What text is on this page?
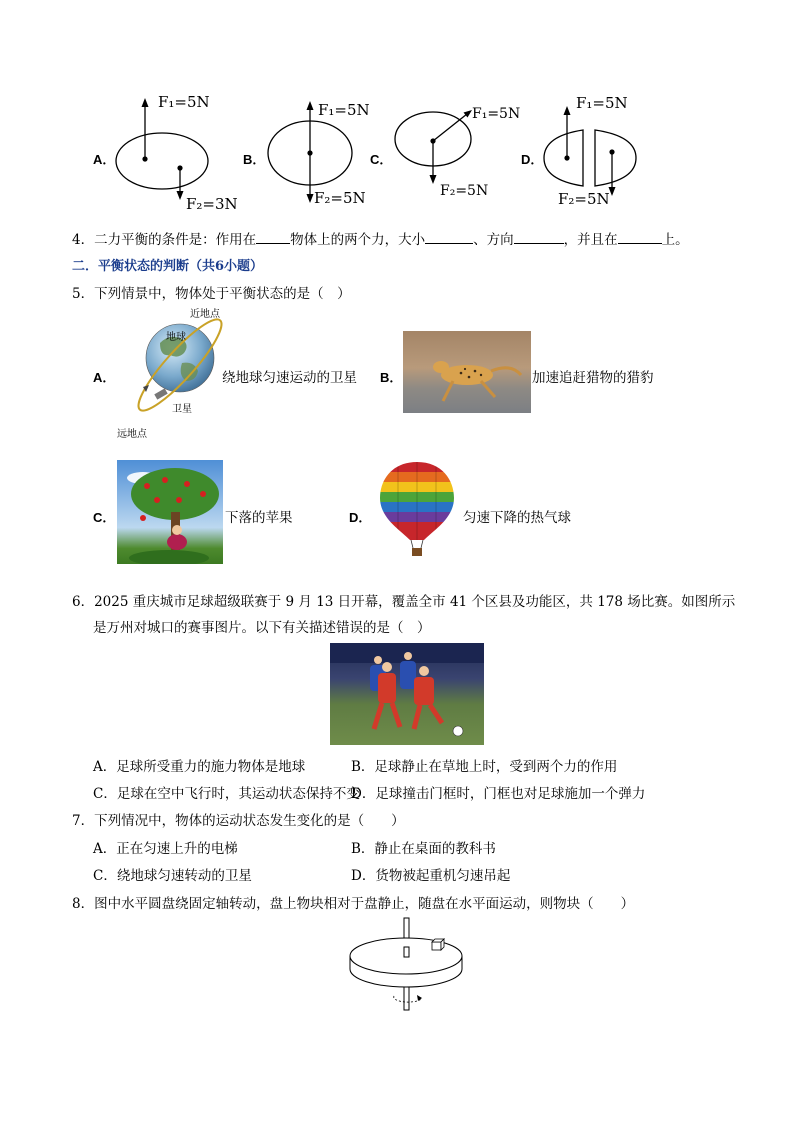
A．
F₁=5N
F₂=3N
B．
F₁=5N
F₂=5N
C．
F₁=5N
F₂=5N
D．
F₁=5N
F₂=5N
4．二力平衡的条件是：作用在	物体上的两个力，大小	、方向	，并且在	上。
二．平衡状态的判断（共6小题）
5．下列情景中，物体处于平衡状态的是（　）
A．
近地点
地球
卫星
远地点
绕地球匀速运动的卫星 B．	加速追赶猎物的猎豹
C．	下落的苹果	D．	匀速下降的热气球
6．2025 重庆城市足球超级联赛于 9 月 13 日开幕，覆盖全市 41 个区县及功能区，共 178 场比赛。如图所示
是万州对城口的赛事图片。以下有关描述错误的是（　）
A．足球所受重力的施力物体是地球	B．足球静止在草地上时，受到两个力的作用
C．足球在空中飞行时，其运动状态保持不变
D．足球撞击门框时，门框也对足球施加一个弹力
7．下列情况中，物体的运动状态发生变化的是（　　）
A．正在匀速上升的电梯	B．静止在桌面的教科书
C．绕地球匀速转动的卫星	D．货物被起重机匀速吊起
8．图中水平圆盘绕固定轴转动，盘上物块相对于盘静止，随盘在水平面运动，则物块（　　）
